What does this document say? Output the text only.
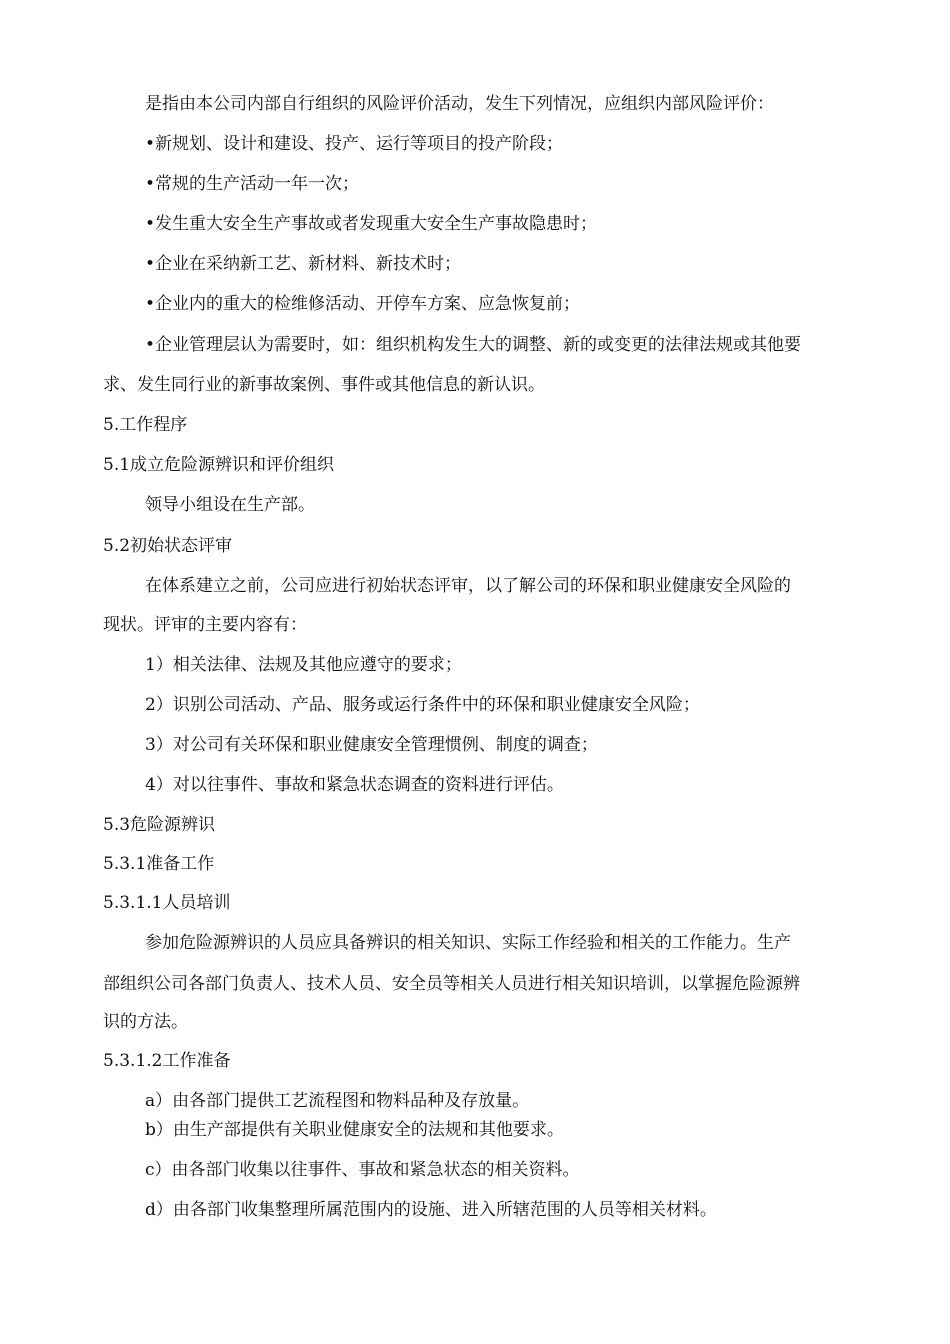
是指由本公司内部自行组织的风险评价活动，发生下列情况，应组织内部风险评价：
•新规划、设计和建设、投产、运行等项目的投产阶段；
•常规的生产活动一年一次；
•发生重大安全生产事故或者发现重大安全生产事故隐患时；
•企业在采纳新工艺、新材料、新技术时；
•企业内的重大的检维修活动、开停车方案、应急恢复前；
•企业管理层认为需要时，如：组织机构发生大的调整、新的或变更的法律法规或其他要
求、发生同行业的新事故案例、事件或其他信息的新认识。
5.工作程序
5.1成立危险源辨识和评价组织
领导小组设在生产部。
5.2初始状态评审
在体系建立之前，公司应进行初始状态评审，以了解公司的环保和职业健康安全风险的
现状。评审的主要内容有：
1）相关法律、法规及其他应遵守的要求；
2）识别公司活动、产品、服务或运行条件中的环保和职业健康安全风险；
3）对公司有关环保和职业健康安全管理惯例、制度的调查；
4）对以往事件、事故和紧急状态调查的资料进行评估。
5.3危险源辨识
5.3.1准备工作
5.3.1.1人员培训
参加危险源辨识的人员应具备辨识的相关知识、实际工作经验和相关的工作能力。生产
部组织公司各部门负责人、技术人员、安全员等相关人员进行相关知识培训，以掌握危险源辨
识的方法。
5.3.1.2工作准备
a）由各部门提供工艺流程图和物料品种及存放量。
b）由生产部提供有关职业健康安全的法规和其他要求。
c）由各部门收集以往事件、事故和紧急状态的相关资料。
d）由各部门收集整理所属范围内的设施、进入所辖范围的人员等相关材料。
